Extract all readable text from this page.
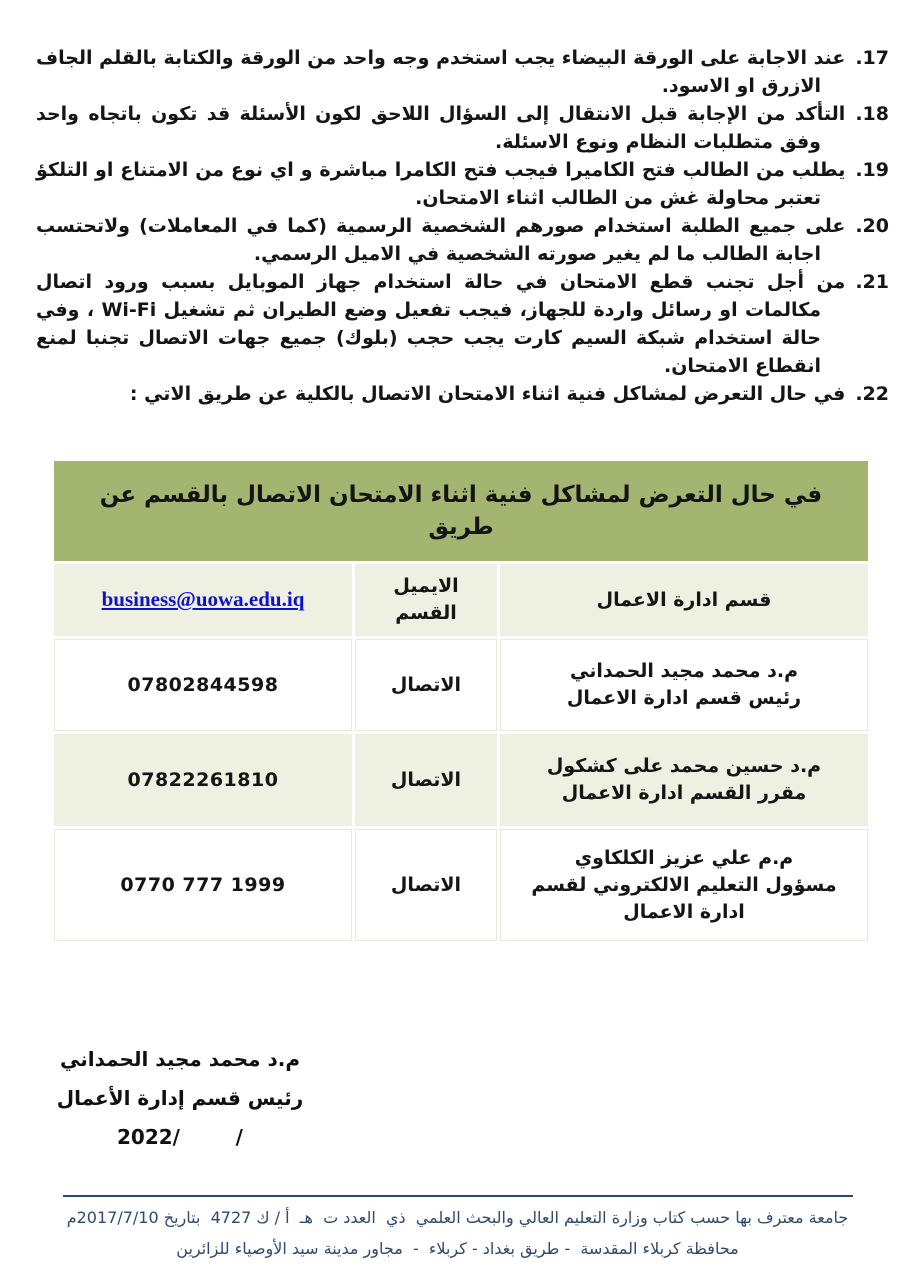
17.عند الاجابة على الورقة البيضاء يجب استخدم وجه واحد من الورقة والكتابة بالقلم الجاف الازرق او الاسود.
18.التأكد من الإجابة قبل الانتقال إلى السؤال اللاحق لكون الأسئلة قد تكون باتجاه واحد وفق متطلبات النظام ونوع الاسئلة.
19.يطلب من الطالب فتح الكاميرا فيجب فتح الكامرا مباشرة و اي نوع من الامتناع او التلكؤ تعتبر محاولة غش من الطالب اثناء الامتحان.
20.على جميع الطلبة استخدام صورهم الشخصية الرسمية (كما في المعاملات) ولاتحتسب اجابة الطالب ما لم يغير صورته الشخصية في الاميل الرسمي.
21.من أجل تجنب قطع الامتحان في حالة استخدام جهاز الموبايل بسبب ورود اتصال مكالمات او رسائل واردة للجهاز، فيجب تفعيل وضع الطيران ثم تشغيل Wi-Fi ، وفي حالة استخدام شبكة السيم كارت يجب حجب (بلوك) جميع جهات الاتصال تجنبا لمنع انقطاع الامتحان.
22.في حال التعرض لمشاكل فنية اثناء الامتحان الاتصال بالكلية عن طريق الاتي :
في حال التعرض لمشاكل فنية اثناء الامتحان الاتصال بالقسم عن طريق		
قسم ادارة الاعمال	الايميل القسم	business@uowa.edu.iq

م.د محمد مجيد الحمداني
رئيس قسم ادارة الاعمال	الاتصال	07802844598

م.د حسين محمد على كشكول
مقرر القسم ادارة الاعمال	الاتصال	07822261810

م.م علي عزيز الكلكاوي
مسؤول التعليم الالكتروني لقسم ادارة الاعمال	الاتصال	0770 777 1999
م.د محمد مجيد الحمداني
رئيس قسم إدارة الأعمال
/        /2022
جامعة معترف بها حسب كتاب وزارة التعليم العالي والبحث العلمي  ذي  العدد ت  هـ  أ / ك 4727  بتاريخ 2017/7/10م
محافظة كربلاء المقدسة  - طريق بغداد - كربلاء  -  مجاور مدينة سيد الأوصياء للزائرين
